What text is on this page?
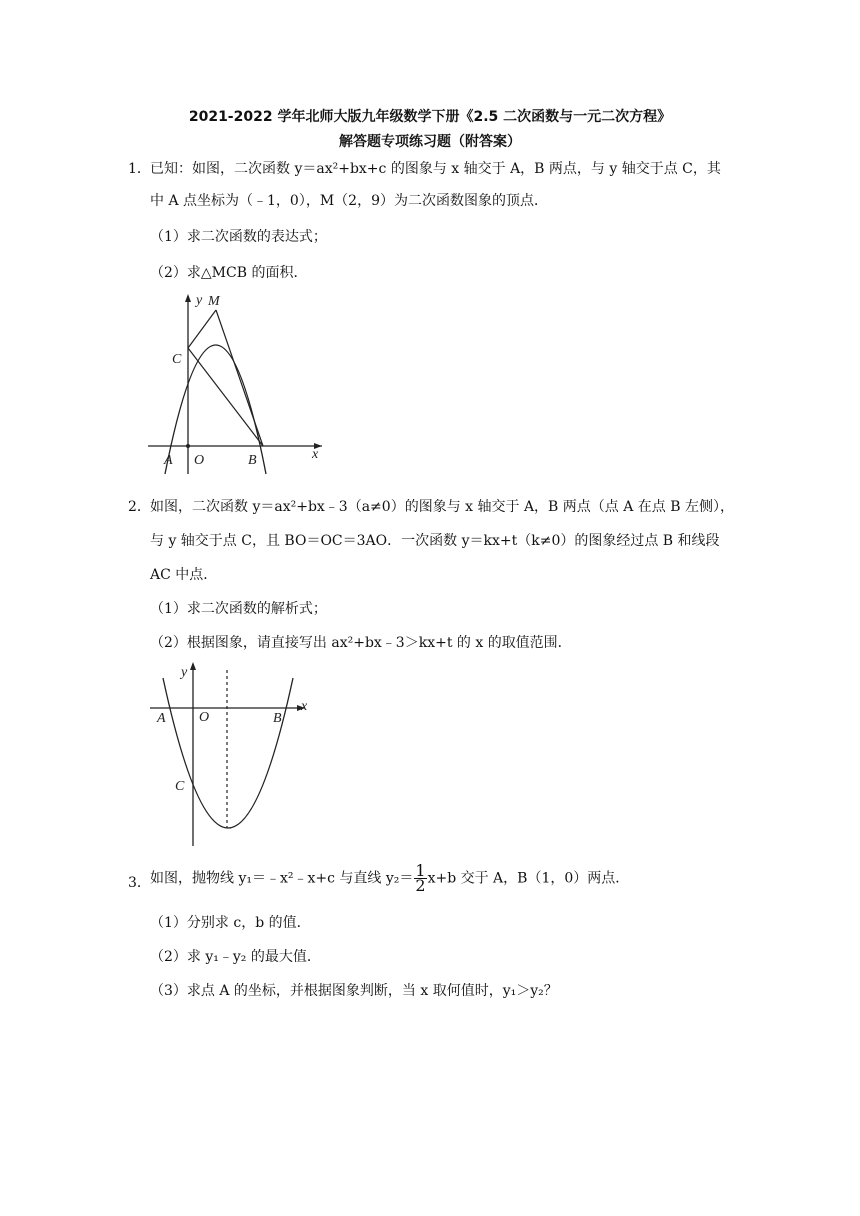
2021-2022 学年北师大版九年级数学下册《2.5 二次函数与一元二次方程》
解答题专项练习题（附答案）
1． 已知：如图，二次函数 y＝ax²+bx+c 的图象与 x 轴交于 A，B 两点，与 y 轴交于点 C，其
中 A 点坐标为（﹣1，0），M（2，9）为二次函数图象的顶点．
（1）求二次函数的表达式；
（2）求△MCB 的面积．
y M
C
A O	B	x
2． 如图，二次函数 y＝ax²+bx﹣3（a≠0）的图象与 x 轴交于 A，B 两点（点 A 在点 B 左侧），
与 y 轴交于点 C，且 BO＝OC＝3AO．一次函数 y＝kx+t（k≠0）的图象经过点 B 和线段
AC 中点．
（1）求二次函数的解析式；
（2）根据图象，请直接写出 ax²+bx﹣3＞kx+t 的 x 的取值范围．
y
x
A O	B
C
3． 如图，抛物线 y₁＝﹣x²﹣x+c 与直线 $y_2= \frac{1}{2} x+b$ 交于 A，B（1，0）两点．
（1）分别求 c，b 的值．
（2）求 y₁﹣y₂ 的最大值．
（3）求点 A 的坐标，并根据图象判断，当 x 取何值时，y₁＞y₂？
